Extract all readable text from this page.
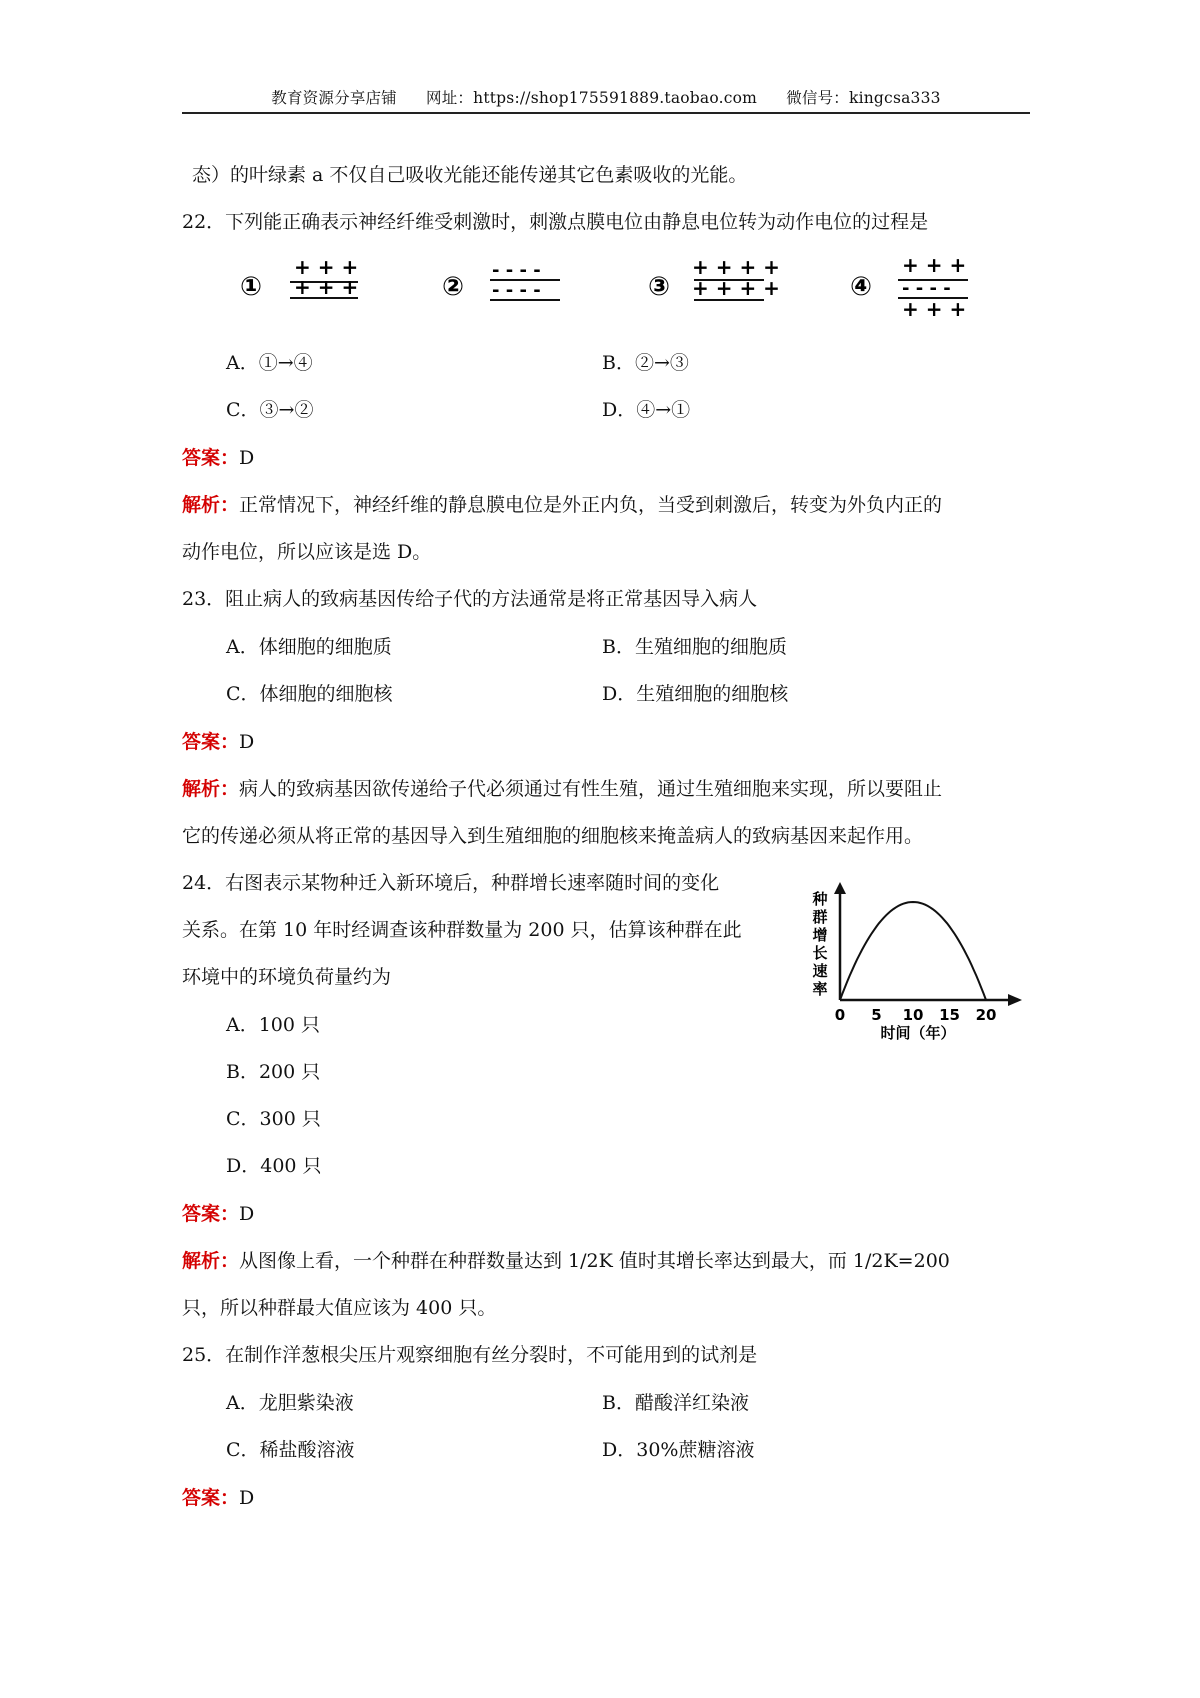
教育资源分享店铺 网址：https://shop175591889.taobao.com 微信号：kingcsa333
态）的叶绿素 a 不仅自己吸收光能还能传递其它色素吸收的光能。
22．下列能正确表示神经纤维受刺激时，刺激点膜电位由静息电位转为动作电位的过程是
①
+ + +
+ + +	②
- - - -
- - - -	③
+ + + +
+ + + +	④
+ + +
- - - -
+ + +
A．①→④	B．②→③
C．③→②	D．④→①
答案：D
解析：正常情况下，神经纤维的静息膜电位是外正内负，当受到刺激后，转变为外负内正的
动作电位，所以应该是选 D。
23．阻止病人的致病基因传给子代的方法通常是将正常基因导入病人
A．体细胞的细胞质	B．生殖细胞的细胞质
C．体细胞的细胞核	D．生殖细胞的细胞核
答案：D
解析：病人的致病基因欲传递给子代必须通过有性生殖，通过生殖细胞来实现，所以要阻止
它的传递必须从将正常的基因导入到生殖细胞的细胞核来掩盖病人的致病基因来起作用。
24．右图表示某物种迁入新环境后，种群增长速率随时间的变化
关系。在第 10 年时经调查该种群数量为 200 只，估算该种群在此
环境中的环境负荷量约为
种
群
增
长
速
率
0 5 10 15 20
时间（年）
A．100 只
B．200 只
C．300 只
D．400 只
答案：D
解析：从图像上看，一个种群在种群数量达到 1/2K 值时其增长率达到最大，而 1/2K=200
只，所以种群最大值应该为 400 只。
25．在制作洋葱根尖压片观察细胞有丝分裂时，不可能用到的试剂是
A．龙胆紫染液	B．醋酸洋红染液
C．稀盐酸溶液	D．30%蔗糖溶液
答案：D
